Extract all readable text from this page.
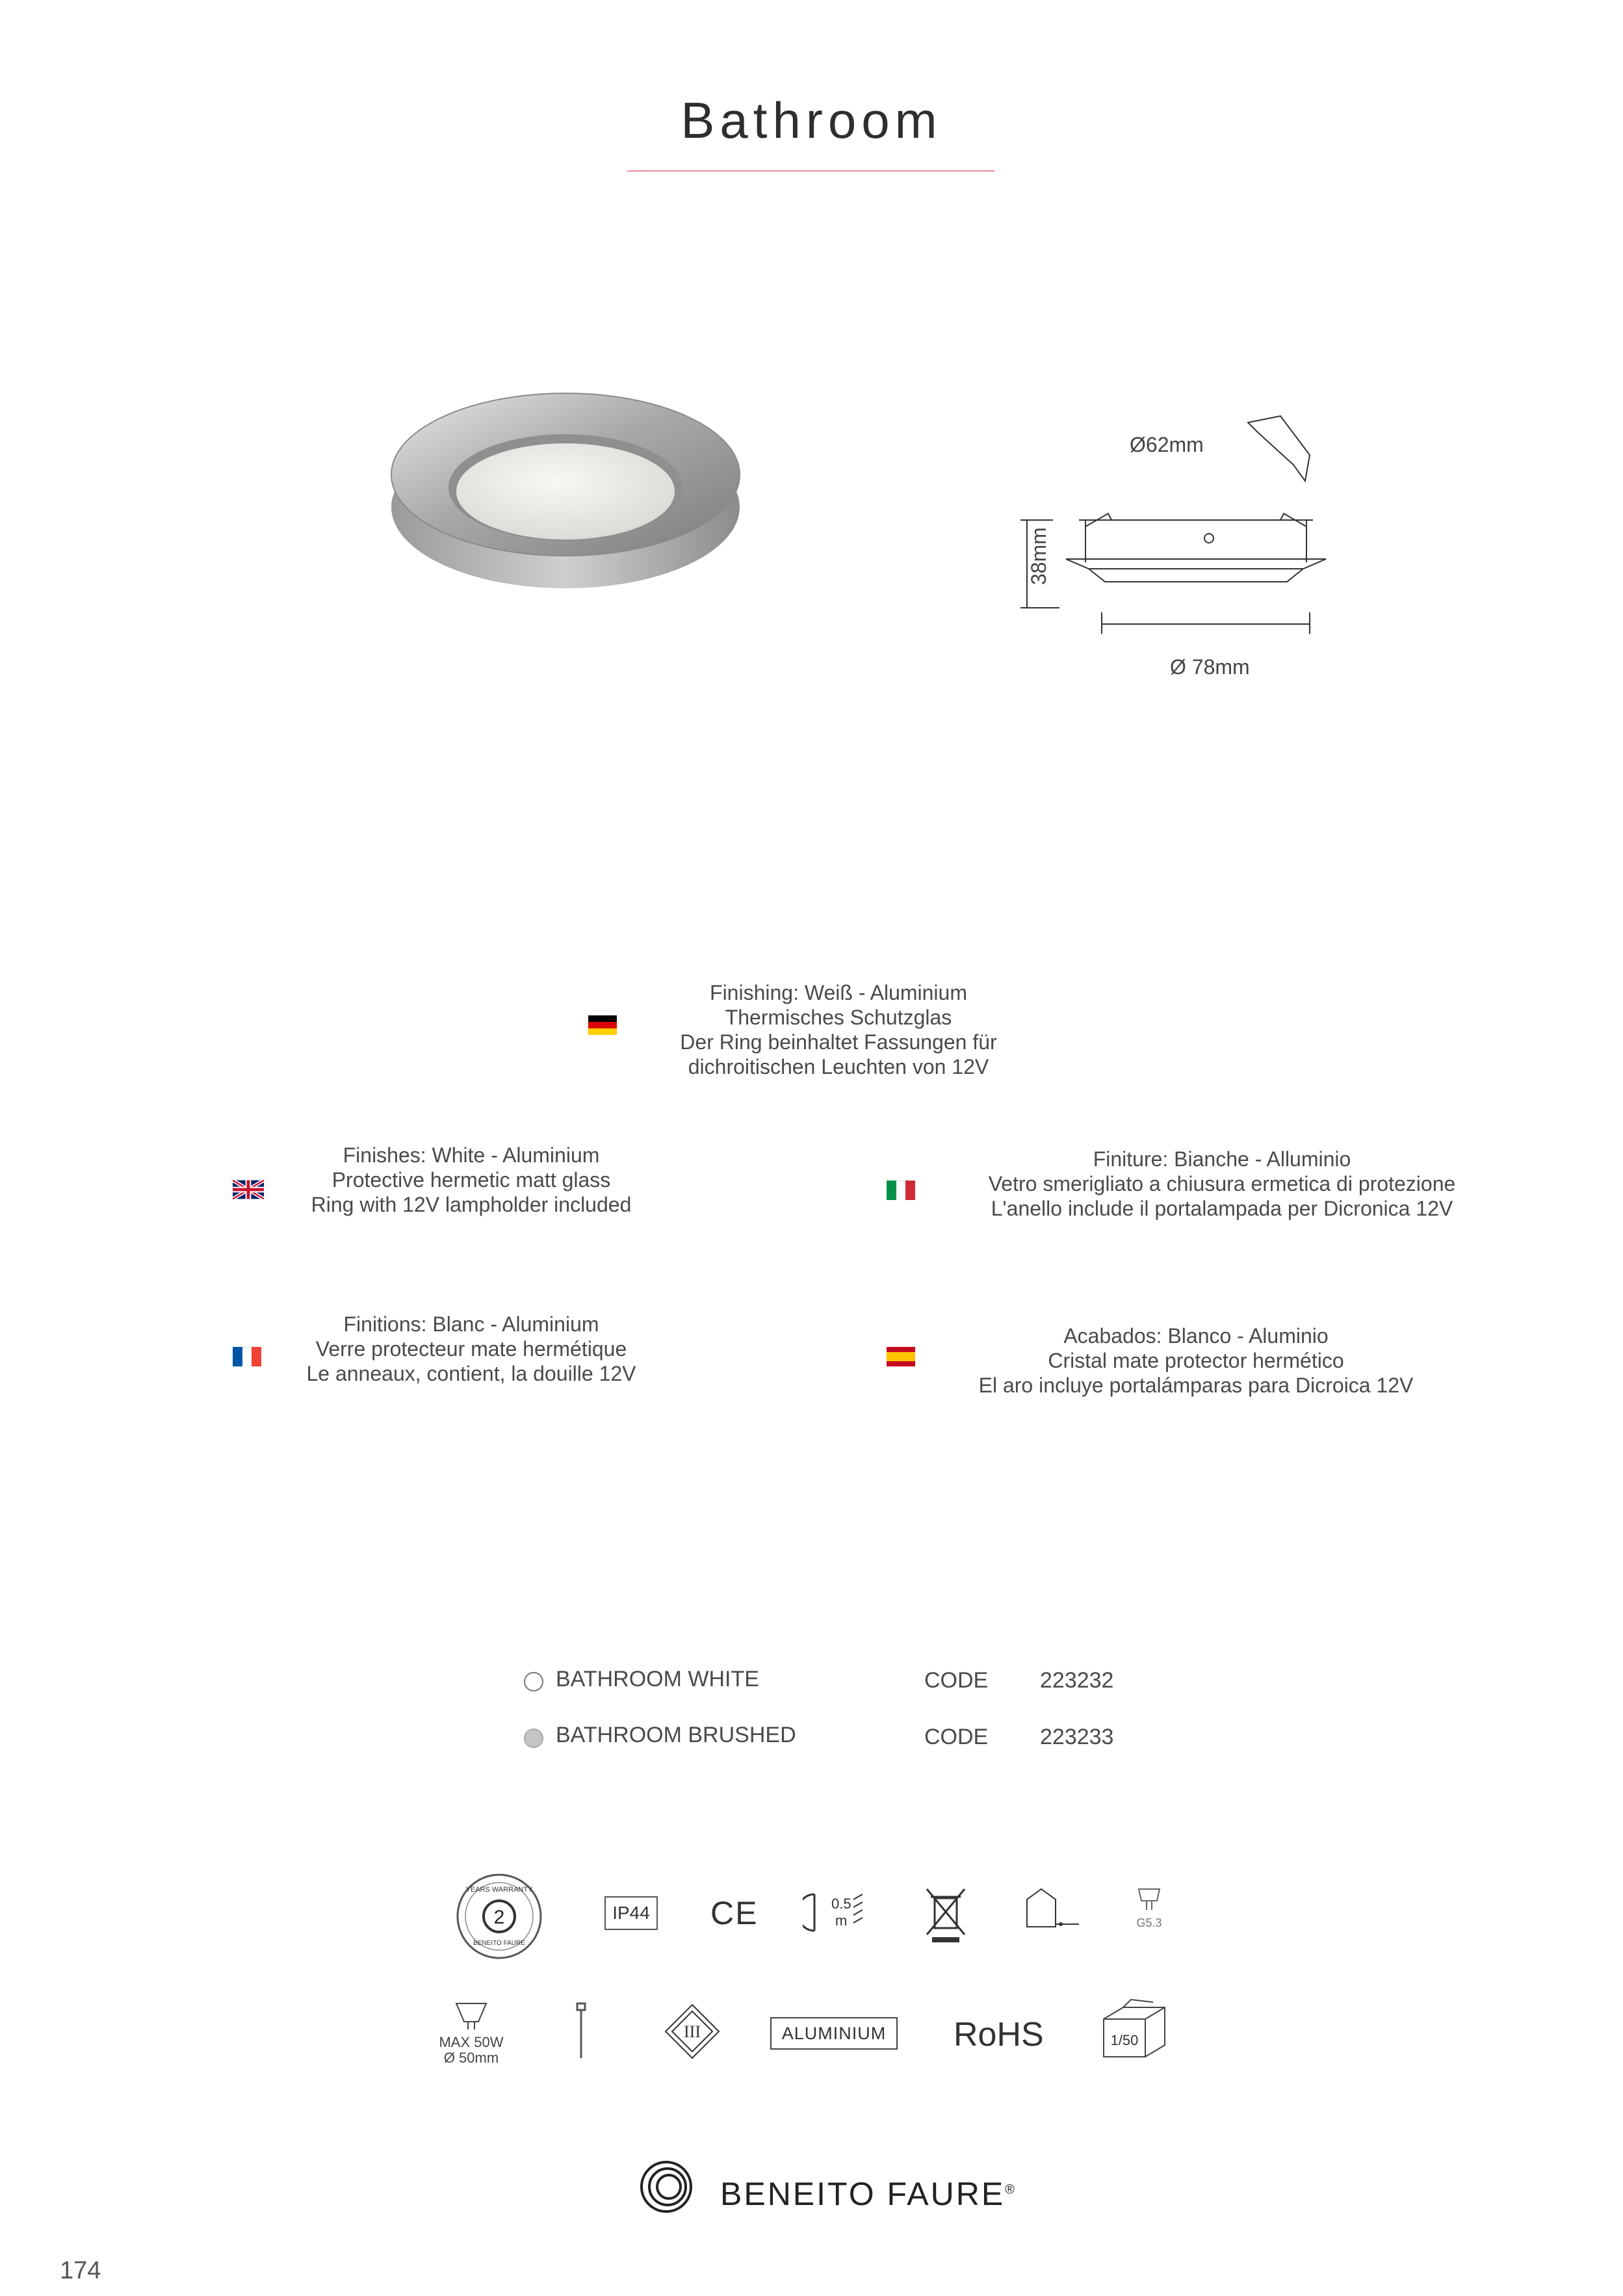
Bathroom
Ø62mm
38mm
Ø 78mm
Finishing: Weiß - Aluminium
Thermisches Schutzglas
Der Ring beinhaltet Fassungen für
dichroitischen Leuchten von 12V
Finishes: White - Aluminium
Protective hermetic matt glass
Ring with 12V lampholder included
Finiture: Bianche - Alluminio
Vetro smerigliato a chiusura ermetica di protezione
L'anello include il portalampada per Dicronica 12V
Finitions: Blanc - Aluminium
Verre protecteur mate hermétique
Le anneaux, contient, la douille 12V
Acabados: Blanco - Aluminio
Cristal mate protector hermético
El aro incluye portalámparas para Dicroica 12V
BATHROOM WHITE	CODE 223232
BATHROOM BRUSHED	CODE 223233
2
YEARS WARRANTY
BENEITO FAURE
IP44 CE	0.5
m	G5.3
MAX 50W
Ø 50mm
III	ALUMINIUM	RoHS	1/50
BENEITO FAURE®
174
